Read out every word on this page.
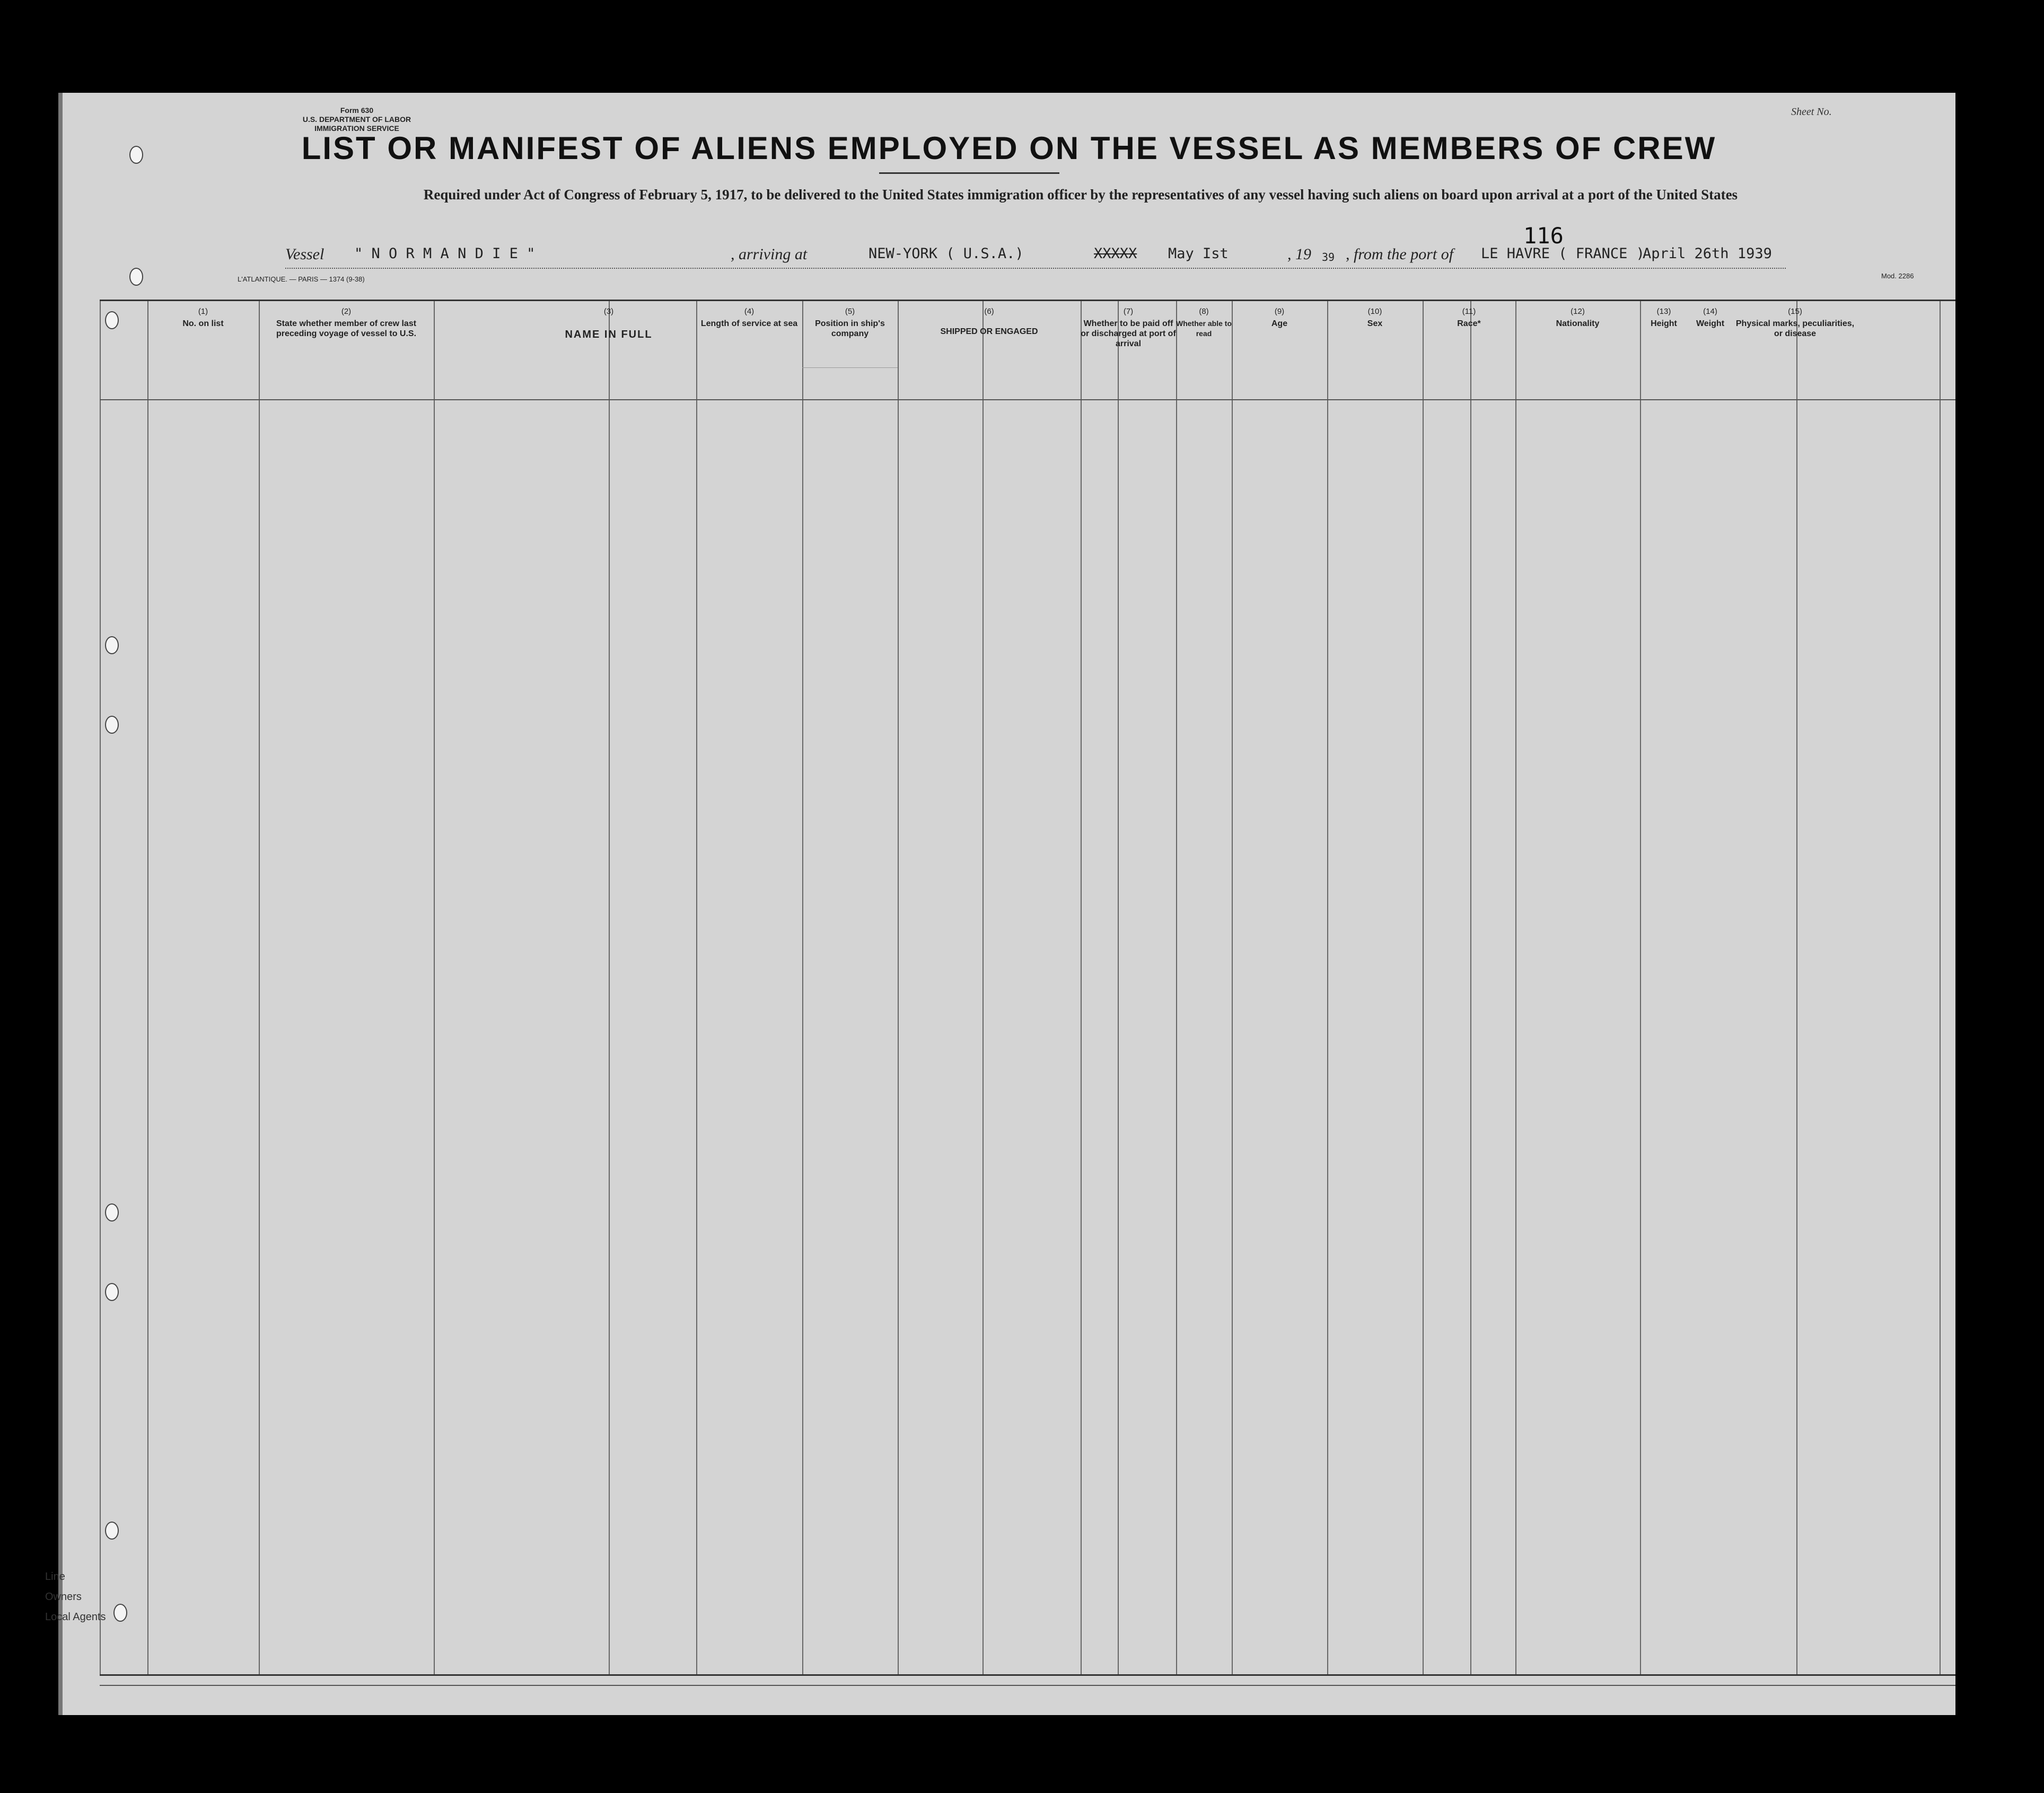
Form 630
U.S. DEPARTMENT OF LABOR
IMMIGRATION SERVICE
Sheet No.
LIST OR MANIFEST OF ALIENS EMPLOYED ON THE VESSEL AS MEMBERS OF CREW
Required under Act of Congress of February 5, 1917, to be delivered to the United States immigration officer by the representatives of any vessel having such aliens on board upon arrival at a port of the United States
116
Vessel " N O R M A N D I E "	, arriving at	NEW-YORK ( U.S.A.)	XXXXX May Ist	, 19 39 , from the port of LE HAVRE ( FRANCE )
April 26th 1939
L'ATLANTIQUE. — PARIS — 1374 (9-38)	Mod. 2286
(1)
No. on list
(2)
State whether member of crew last preceding voyage of vessel to U.S.
(3)
NAME IN FULL
(4)
Length of service at sea
(5)
Position in ship's company
(6)
SHIPPED OR ENGAGED
(7)
Whether to be paid off or discharged at port of arrival
(8)
Whether able to read
(9)
Age
(10)
Sex
(11)
Race*
(12)
Nationality
(13)
Height
(14)
Weight
(15)
Physical marks, peculiarities, or disease
Line
Owners
Local Agents
